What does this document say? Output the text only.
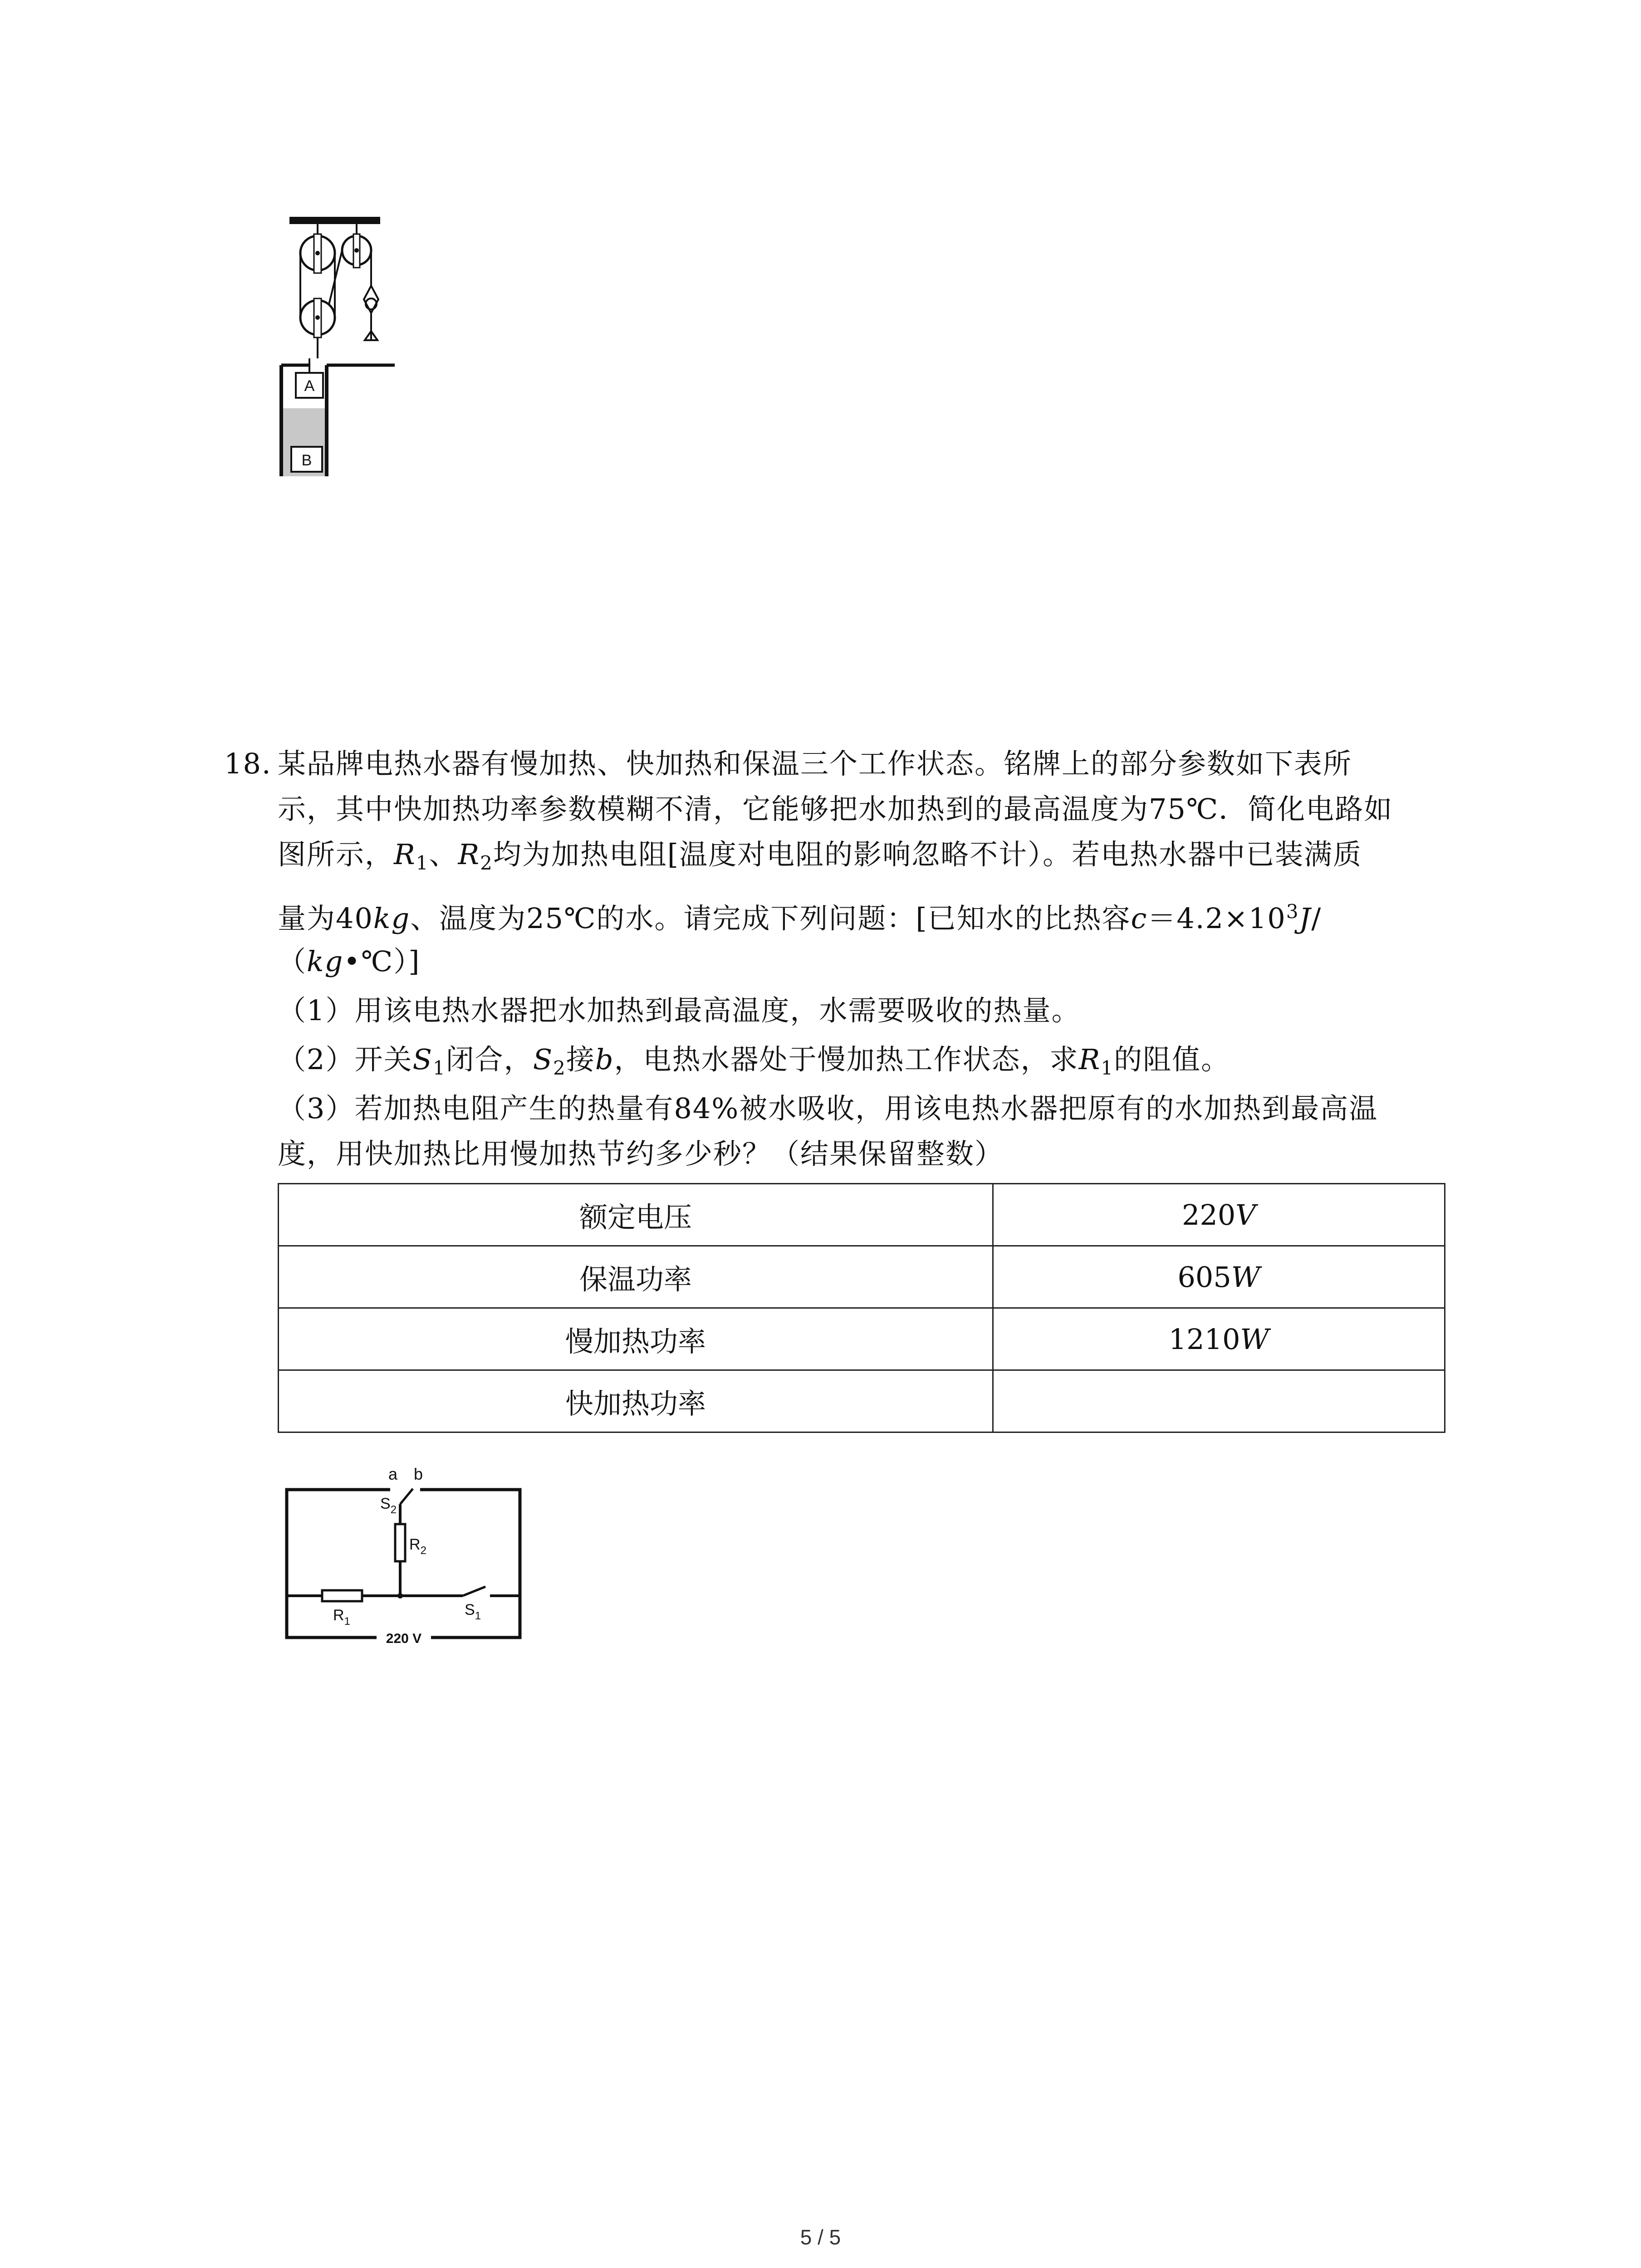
A
B
18. 某品牌电热水器有慢加热、快加热和保温三个工作状态。铭牌上的部分参数如下表所
示，其中快加热功率参数模糊不清，它能够把水加热到的最高温度为75℃．简化电路如
图所示，$R_1$、$R_2$均为加热电阻[温度对电阻的影响忽略不计）。若电热水器中已装满质
量为40kg、温度为25℃的水。请完成下列问题：[已知水的比热容$c=4.2\times 10^3J/$
（kg•℃）]
（1）用该电热水器把水加热到最高温度，水需要吸收的热量。
（2）开关$S_1$闭合，$S_2$接b，电热水器处于慢加热工作状态，求$R_1$的阻值。
（3）若加热电阻产生的热量有84%被水吸收，用该电热水器把原有的水加热到最高温
度，用快加热比用慢加热节约多少秒？（结果保留整数）
额定电压	220V
保温功率	605W
慢加热功率	1210W
快加热功率	
a b
$S_2$
$R_2$
$R_1$
$S_1$
220 V
5 / 5
